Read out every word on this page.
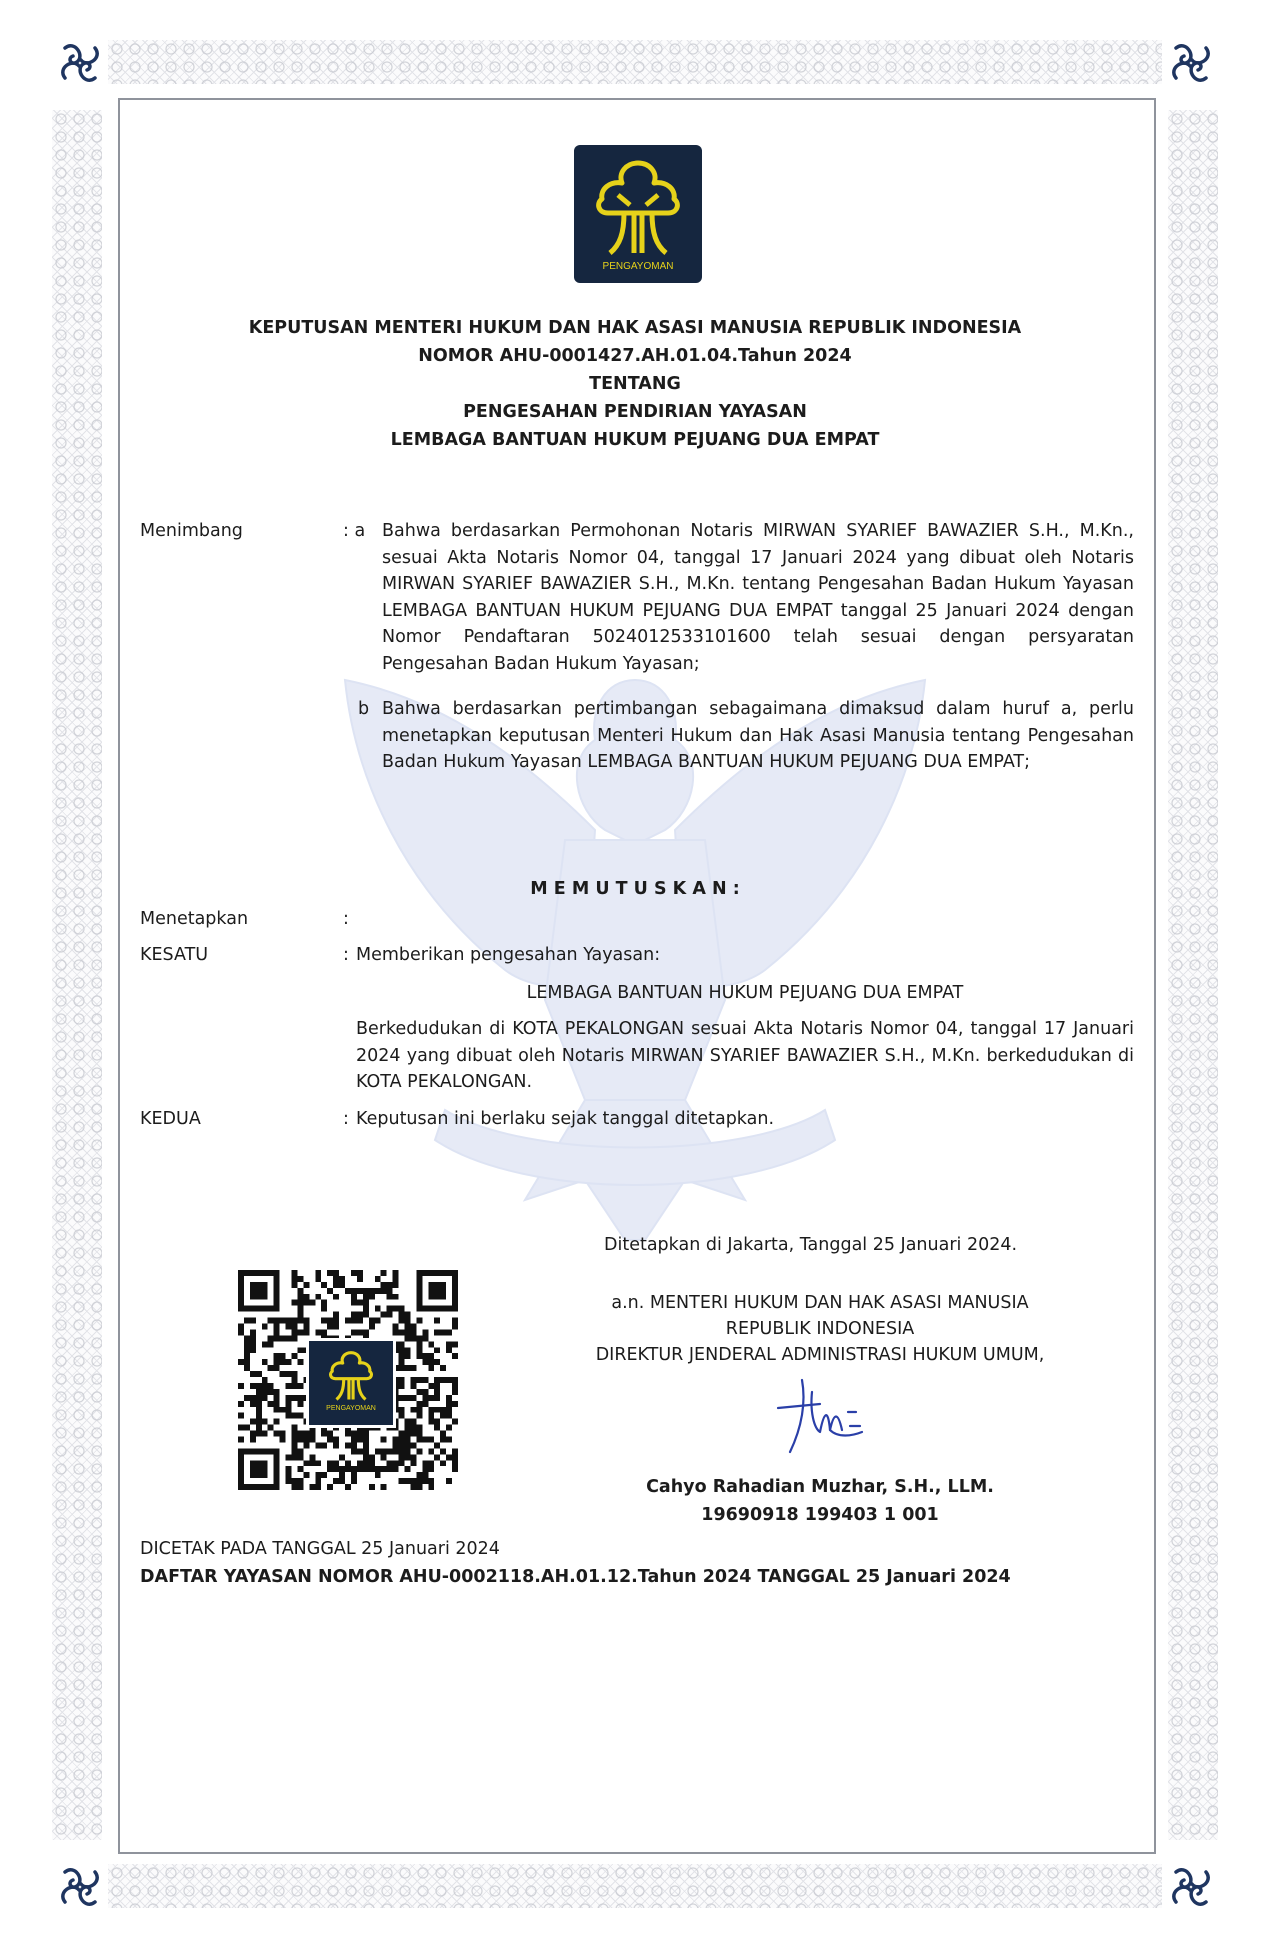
PENGAYOMAN
KEPUTUSAN MENTERI HUKUM DAN HAK ASASI MANUSIA REPUBLIK INDONESIA
NOMOR AHU-0001427.AH.01.04.Tahun 2024
TENTANG
PENGESAHAN PENDIRIAN YAYASAN
LEMBAGA BANTUAN HUKUM PEJUANG DUA EMPAT
Menimbang	: a Bahwa berdasarkan Permohonan Notaris MIRWAN SYARIEF BAWAZIER S.H., M.Kn., sesuai Akta Notaris Nomor 04, tanggal 17 Januari 2024 yang dibuat oleh Notaris MIRWAN SYARIEF BAWAZIER S.H., M.Kn. tentang Pengesahan Badan Hukum Yayasan LEMBAGA BANTUAN HUKUM PEJUANG DUA EMPAT tanggal 25 Januari 2024 dengan Nomor Pendaftaran 5024012533101600 telah sesuai dengan persyaratan Pengesahan Badan Hukum Yayasan;
b Bahwa berdasarkan pertimbangan sebagaimana dimaksud dalam huruf a, perlu menetapkan keputusan Menteri Hukum dan Hak Asasi Manusia tentang Pengesahan Badan Hukum Yayasan LEMBAGA BANTUAN HUKUM PEJUANG DUA EMPAT;
M E M U T U S K A N :
Menetapkan	:
KESATU	: Memberikan pengesahan Yayasan:
LEMBAGA BANTUAN HUKUM PEJUANG DUA EMPAT
Berkedudukan di KOTA PEKALONGAN sesuai Akta Notaris Nomor 04, tanggal 17 Januari 2024 yang dibuat oleh Notaris MIRWAN SYARIEF BAWAZIER S.H., M.Kn. berkedudukan di KOTA PEKALONGAN.
KEDUA	: Keputusan ini berlaku sejak tanggal ditetapkan.
Ditetapkan di Jakarta, Tanggal 25 Januari 2024.
a.n. MENTERI HUKUM DAN HAK ASASI MANUSIA
REPUBLIK INDONESIA
DIREKTUR JENDERAL ADMINISTRASI HUKUM UMUM,
Cahyo Rahadian Muzhar, S.H., LLM.
19690918 199403 1 001
PENGAYOMAN
DICETAK PADA TANGGAL 25 Januari 2024
DAFTAR YAYASAN NOMOR AHU-0002118.AH.01.12.Tahun 2024 TANGGAL 25 Januari 2024
